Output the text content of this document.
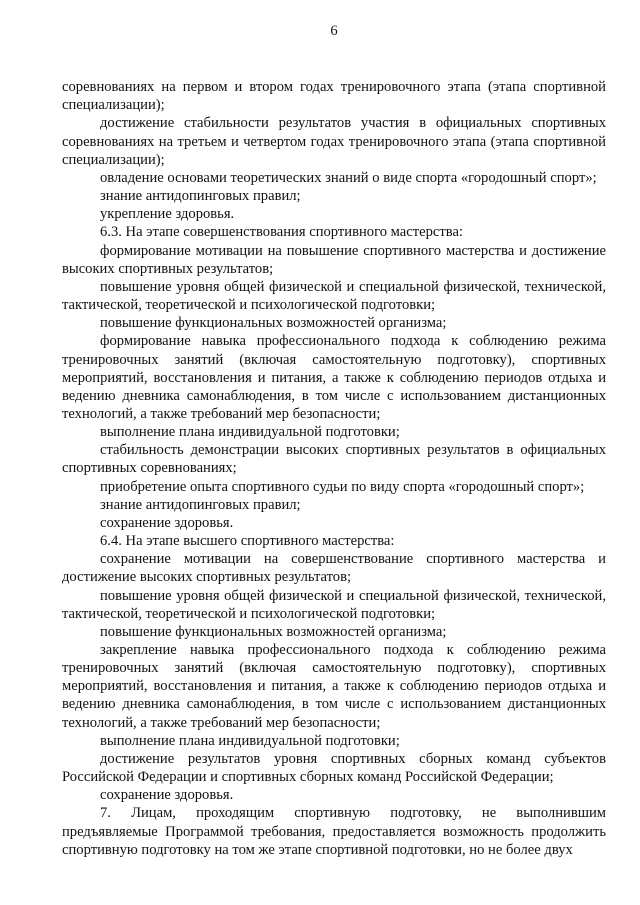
6

соревнованиях на первом и втором годах тренировочного этапа (этапа спортивной специализации);

достижение стабильности результатов участия в официальных спортивных соревнованиях на третьем и четвертом годах тренировочного этапа (этапа спортивной специализации);

овладение основами теоретических знаний о виде спорта «городошный спорт»;

знание антидопинговых правил;

укрепление здоровья.

6.3. На этапе совершенствования спортивного мастерства:

формирование мотивации на повышение спортивного мастерства и достижение высоких спортивных результатов;

повышение уровня общей физической и специальной физической, технической, тактической, теоретической и психологической подготовки;

повышение функциональных возможностей организма;

формирование навыка профессионального подхода к соблюдению режима тренировочных занятий (включая самостоятельную подготовку), спортивных мероприятий, восстановления и питания, а также к соблюдению периодов отдыха и ведению дневника самонаблюдения, в том числе с использованием дистанционных технологий, а также требований мер безопасности;

выполнение плана индивидуальной подготовки;

стабильность демонстрации высоких спортивных результатов в официальных спортивных соревнованиях;

приобретение опыта спортивного судьи по виду спорта «городошный спорт»;

знание антидопинговых правил;

сохранение здоровья.

6.4. На этапе высшего спортивного мастерства:

сохранение мотивации на совершенствование спортивного мастерства и достижение высоких спортивных результатов;

повышение уровня общей физической и специальной физической, технической, тактической, теоретической и психологической подготовки;

повышение функциональных возможностей организма;

закрепление навыка профессионального подхода к соблюдению режима тренировочных занятий (включая самостоятельную подготовку), спортивных мероприятий, восстановления и питания, а также к соблюдению периодов отдыха и ведению дневника самонаблюдения, в том числе с использованием дистанционных технологий, а также требований мер безопасности;

выполнение плана индивидуальной подготовки;

достижение результатов уровня спортивных сборных команд субъектов Российской Федерации и спортивных сборных команд Российской Федерации;

сохранение здоровья.

7. Лицам, проходящим спортивную подготовку, не выполнившим предъявляемые Программой требования, предоставляется возможность продолжить спортивную подготовку на том же этапе спортивной подготовки, но не более двух
